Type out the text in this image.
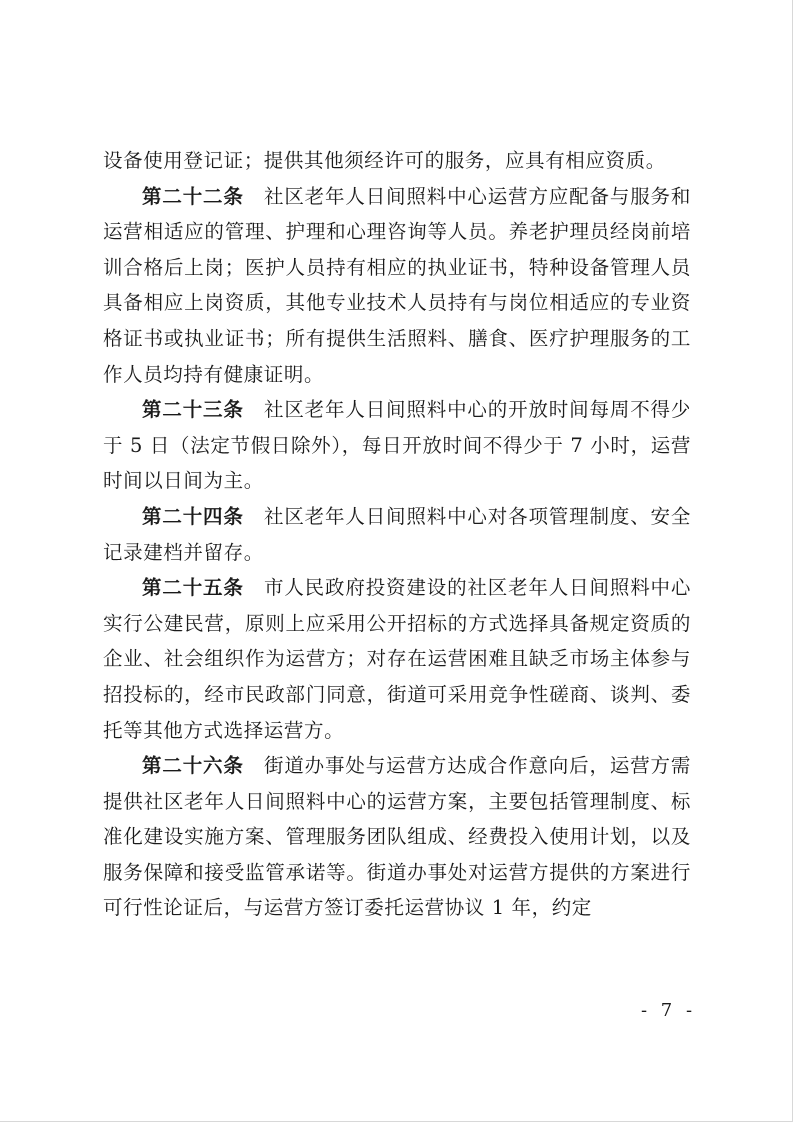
设备使用登记证；提供其他须经许可的服务，应具有相应资质。

第二十二条 社区老年人日间照料中心运营方应配备与服务和运营相适应的管理、护理和心理咨询等人员。养老护理员经岗前培训合格后上岗；医护人员持有相应的执业证书，特种设备管理人员具备相应上岗资质，其他专业技术人员持有与岗位相适应的专业资格证书或执业证书；所有提供生活照料、膳食、医疗护理服务的工作人员均持有健康证明。

第二十三条 社区老年人日间照料中心的开放时间每周不得少于 5 日（法定节假日除外），每日开放时间不得少于 7 小时，运营时间以日间为主。

第二十四条 社区老年人日间照料中心对各项管理制度、安全记录建档并留存。

第二十五条 市人民政府投资建设的社区老年人日间照料中心实行公建民营，原则上应采用公开招标的方式选择具备规定资质的企业、社会组织作为运营方；对存在运营困难且缺乏市场主体参与招投标的，经市民政部门同意，街道可采用竞争性磋商、谈判、委托等其他方式选择运营方。

第二十六条 街道办事处与运营方达成合作意向后，运营方需提供社区老年人日间照料中心的运营方案，主要包括管理制度、标准化建设实施方案、管理服务团队组成、经费投入使用计划，以及服务保障和接受监管承诺等。街道办事处对运营方提供的方案进行可行性论证后，与运营方签订委托运营协议 1 年，约定

- 7 -
